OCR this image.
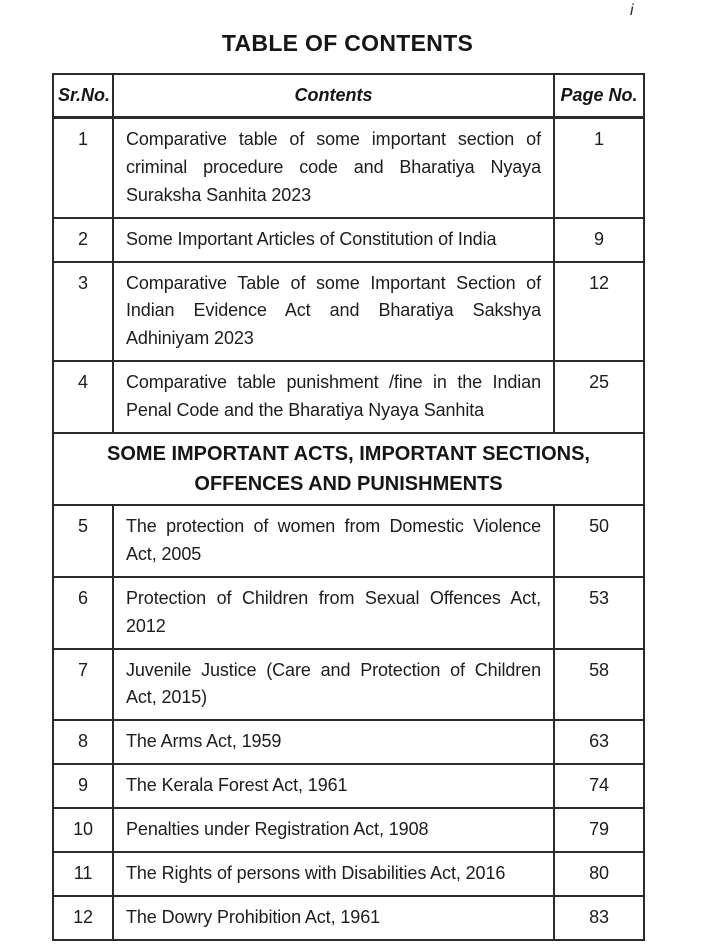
i
TABLE OF CONTENTS
Sr.No.	Contents	Page No.
1	Comparative table of some important section of criminal procedure code and Bharatiya Nyaya Suraksha Sanhita 2023	1
2	Some Important Articles of Constitution of India	9
3	Comparative Table of some Important Section of Indian Evidence Act and Bharatiya Sakshya Adhiniyam 2023	12
4	Comparative table punishment /fine in the Indian Penal Code and the Bharatiya Nyaya Sanhita	25
SOME IMPORTANT ACTS, IMPORTANT SECTIONS, OFFENCES AND PUNISHMENTS		
5	The protection of women from Domestic Violence Act, 2005	50
6	Protection of Children from Sexual Offences Act, 2012	53
7	Juvenile Justice (Care and Protection of Children Act, 2015)	58
8	The Arms Act, 1959	63
9	The Kerala Forest Act, 1961	74
10	Penalties under Registration Act, 1908	79
11	The Rights of persons with Disabilities Act, 2016	80
12	The Dowry Prohibition Act, 1961	83
